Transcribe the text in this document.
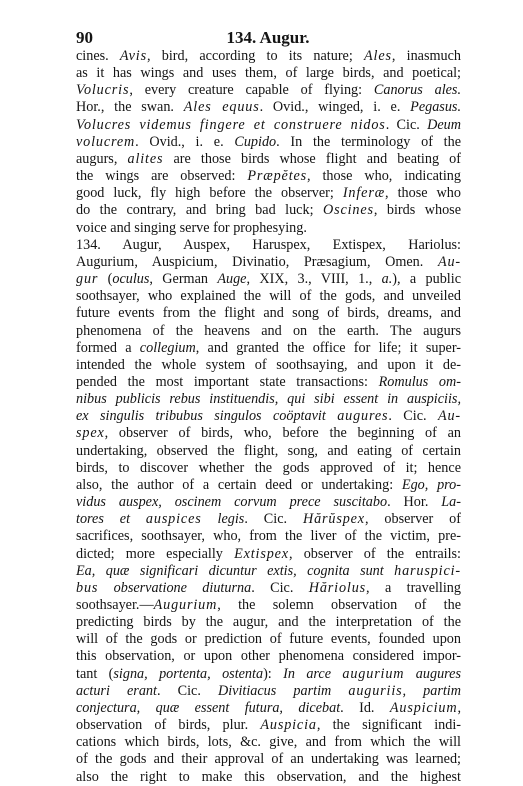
90	134. Augur.
cines. Avis, bird, according to its nature; Ales, inasmuch
as it has wings and uses them, of large birds, and poetical;
Volucris, every creature capable of flying: Canorus ales.
Hor., the swan. Ales equus. Ovid., winged, i. e. Pegasus.
Volucres videmus fingere et construere nidos. Cic. Deum
volucrem. Ovid., i. e. Cupido. In the terminology of the
augurs, alites are those birds whose flight and beating of
the wings are observed: Præpĕtes, those who, indicating
good luck, fly high before the observer; Inferæ, those who
do the contrary, and bring bad luck; Oscines, birds whose
voice and singing serve for prophesying.
134. Augur, Auspex, Haruspex, Extispex, Hariolus:
Augurium, Auspicium, Divinatio, Præsagium, Omen. Au-
gur (oculus, German Auge, XIX, 3., VIII, 1., a.), a public
soothsayer, who explained the will of the gods, and unveiled
future events from the flight and song of birds, dreams, and
phenomena of the heavens and on the earth. The augurs
formed a collegium, and granted the office for life; it super-
intended the whole system of soothsaying, and upon it de-
pended the most important state transactions: Romulus om-
nibus publicis rebus instituendis, qui sibi essent in auspiciis,
ex singulis tribubus singulos coöptavit augures. Cic. Au-
spex, observer of birds, who, before the beginning of an
undertaking, observed the flight, song, and eating of certain
birds, to discover whether the gods approved of it; hence
also, the author of a certain deed or undertaking: Ego, pro-
vidus auspex, oscinem corvum prece suscitabo. Hor. La-
tores et auspices legis. Cic. Hărŭspex, observer of
sacrifices, soothsayer, who, from the liver of the victim, pre-
dicted; more especially Extispex, observer of the entrails:
Ea, quæ significari dicuntur extis, cognita sunt haruspici-
bus observatione diuturna. Cic. Hăriolus, a travelling
soothsayer.—Augurium, the solemn observation of the
predicting birds by the augur, and the interpretation of the
will of the gods or prediction of future events, founded upon
this observation, or upon other phenomena considered impor-
tant (signa, portenta, ostenta): In arce augurium augures
acturi erant. Cic. Divitiacus partim auguriis, partim
conjectura, quæ essent futura, dicebat. Id. Auspicium,
observation of birds, plur. Auspicia, the significant indi-
cations which birds, lots, &c. give, and from which the will
of the gods and their approval of an undertaking was learned;
also the right to make this observation, and the highest
